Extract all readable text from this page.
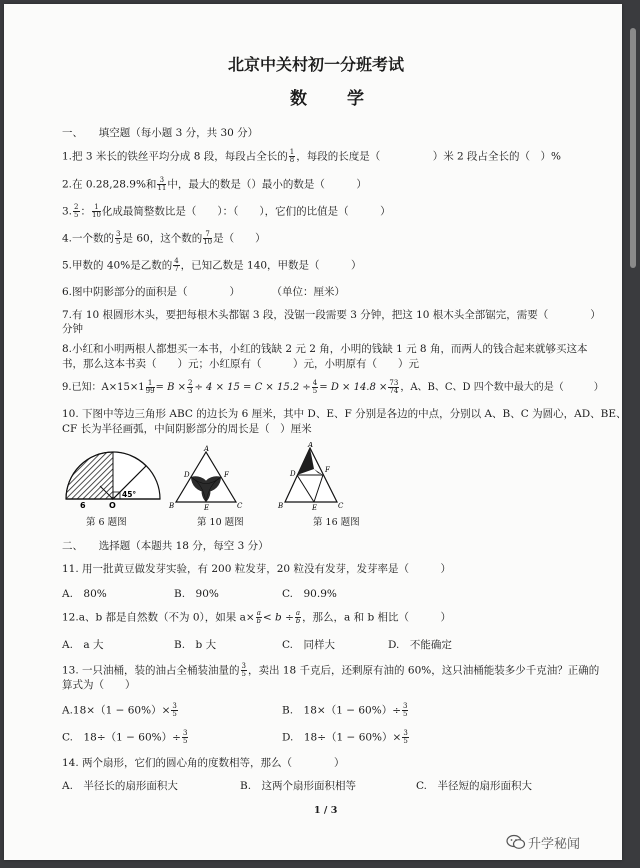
北京中关村初一分班考试
数　　学
一、　　填空题（每小题 3 分，共 30 分）
1.把 3 米长的铁丝平均分成 8 段，每段占全长的 $\frac{1}{8}$ ，每段的长度是（　　　　　）米 2 段占全长的（　）%
2.在 0.28,28.9%和 $\frac{3}{11}$ 中，最大的数是（）最小的数是（　　　）
3. $\frac{2}{5}$ ： $\frac{1}{10}$ 化成最简整数比是（　　）：（　　），它们的比值是（　　　）
4.一个数的 $\frac{3}{5}$ 是 60，这个数的 $\frac{7}{10}$ 是（　　）
5.甲数的 40%是乙数的 $\frac{4}{7}$ ，已知乙数是 140，甲数是（　　　）
6.图中阴影部分的面积是（　　　　）　　　　（单位：厘米）
7.有 10 根圆形木头，要把每根木头都锯 3 段，没锯一段需要 3 分钟，把这 10 根木头全部锯完，需要（　　　　）
分钟
8.小红和小明两根人都想买一本书，小红的钱缺 2 元 2 角，小明的钱缺 1 元 8 角，而两人的钱合起来就够买这本
书，那么这本书卖（　　）元；小红原有（　　　）元，小明原有（　　）元
9.已知：$A\times 15\times 1 \frac{1}{99} = B \times \frac{2}{3} \div 4 \times 15 = C \times 15.2 \div \frac{4}{5} = D \times 14.8 \times \frac{73}{74}$ ，A、B、C、D 四个数中最大的是（　　　）
10. 下图中等边三角形 ABC 的边长为 6 厘米，其中 D、E、F 分别是各边的中点，分别以 A、B、C 为圆心，AD、BE、
CF 长为半径画弧，中间阴影部分的周长是（　）厘米
6	O
45°
第 6 题图
A
B	C
D
E
F
第 10 题图
A
B	C
D
E
F
第 16 题图
二、　　选择题（本题共 18 分，每空 3 分）
11. 用一批黄豆做发芽实验，有 200 粒发芽，20 粒没有发芽，发芽率是（　　　）
A.　80%	B.　90%	C.　90.9%
12.a、b 都是自然数（不为 0），如果 $a\times \frac{a}{b} < b \div \frac{a}{b}$ ，那么，a 和 b 相比（　　　）
A.　a 大	B.　b 大	C.　同样大	D.　不能确定
13. 一只油桶，装的油占全桶装油量的 $\frac{3}{5}$ ，卖出 18 千克后，还剩原有油的 60%，这只油桶能装多少千克油？正确的
算式为（　　）
$A.18\times(1 - 60\%)\times \frac{3}{5}$	B.　$18\times(1 - 60\%)\div \frac{3}{5}$
C.　$18\div(1 - 60\%)\div \frac{3}{5}$	D.　$18\div(1 - 60\%)\times \frac{3}{5}$
14. 两个扇形，它们的圆心角的度数相等，那么（　　　　）
A.　半径长的扇形面积大	B.　这两个扇形面积相等	C.　半径短的扇形面积大
1 / 3
升学秘闻
